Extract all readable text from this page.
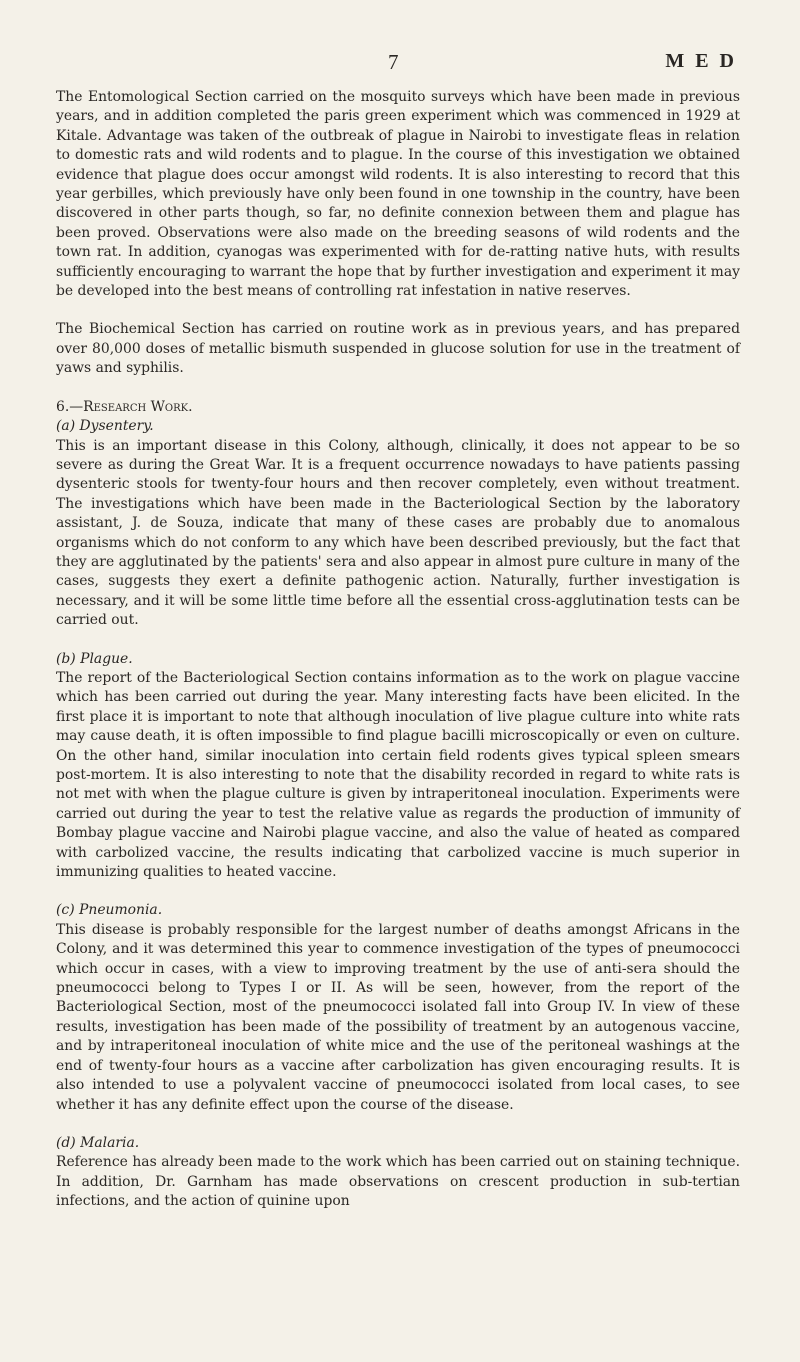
7	M E D

The Entomological Section carried on the mosquito surveys which have been made in previous years, and in addition completed the paris green experiment which was commenced in 1929 at Kitale. Advantage was taken of the outbreak of plague in Nairobi to investigate fleas in relation to domestic rats and wild rodents and to plague. In the course of this investigation we obtained evidence that plague does occur amongst wild rodents. It is also interesting to record that this year gerbilles, which previously have only been found in one township in the country, have been discovered in other parts though, so far, no definite connexion between them and plague has been proved. Observations were also made on the breeding seasons of wild rodents and the town rat. In addition, cyanogas was experimented with for de-ratting native huts, with results sufficiently encouraging to warrant the hope that by further investigation and experiment it may be developed into the best means of controlling rat infestation in native reserves.

The Biochemical Section has carried on routine work as in previous years, and has prepared over 80,000 doses of metallic bismuth suspended in glucose solution for use in the treatment of yaws and syphilis.

6.—Research Work.

(a) Dysentery.

This is an important disease in this Colony, although, clinically, it does not appear to be so severe as during the Great War. It is a frequent occurrence nowadays to have patients passing dysenteric stools for twenty-four hours and then recover completely, even without treatment. The investigations which have been made in the Bacteriological Section by the laboratory assistant, J. de Souza, indicate that many of these cases are probably due to anomalous organisms which do not conform to any which have been described previously, but the fact that they are agglutinated by the patients' sera and also appear in almost pure culture in many of the cases, suggests they exert a definite pathogenic action. Naturally, further investigation is necessary, and it will be some little time before all the essential cross-agglutination tests can be carried out.

(b) Plague.

The report of the Bacteriological Section contains information as to the work on plague vaccine which has been carried out during the year. Many interesting facts have been elicited. In the first place it is important to note that although inoculation of live plague culture into white rats may cause death, it is often impossible to find plague bacilli microscopically or even on culture. On the other hand, similar inoculation into certain field rodents gives typical spleen smears post-mortem. It is also interesting to note that the disability recorded in regard to white rats is not met with when the plague culture is given by intraperitoneal inoculation. Experiments were carried out during the year to test the relative value as regards the production of immunity of Bombay plague vaccine and Nairobi plague vaccine, and also the value of heated as compared with carbolized vaccine, the results indicating that carbolized vaccine is much superior in immunizing qualities to heated vaccine.

(c) Pneumonia.

This disease is probably responsible for the largest number of deaths amongst Africans in the Colony, and it was determined this year to commence investigation of the types of pneumococci which occur in cases, with a view to improving treatment by the use of anti-sera should the pneumococci belong to Types I or II. As will be seen, however, from the report of the Bacteriological Section, most of the pneumococci isolated fall into Group IV. In view of these results, investigation has been made of the possibility of treatment by an autogenous vaccine, and by intraperitoneal inoculation of white mice and the use of the peritoneal washings at the end of twenty-four hours as a vaccine after carbolization has given encouraging results. It is also intended to use a polyvalent vaccine of pneumococci isolated from local cases, to see whether it has any definite effect upon the course of the disease.

(d) Malaria.

Reference has already been made to the work which has been carried out on staining technique. In addition, Dr. Garnham has made observations on crescent production in sub-tertian infections, and the action of quinine upon
